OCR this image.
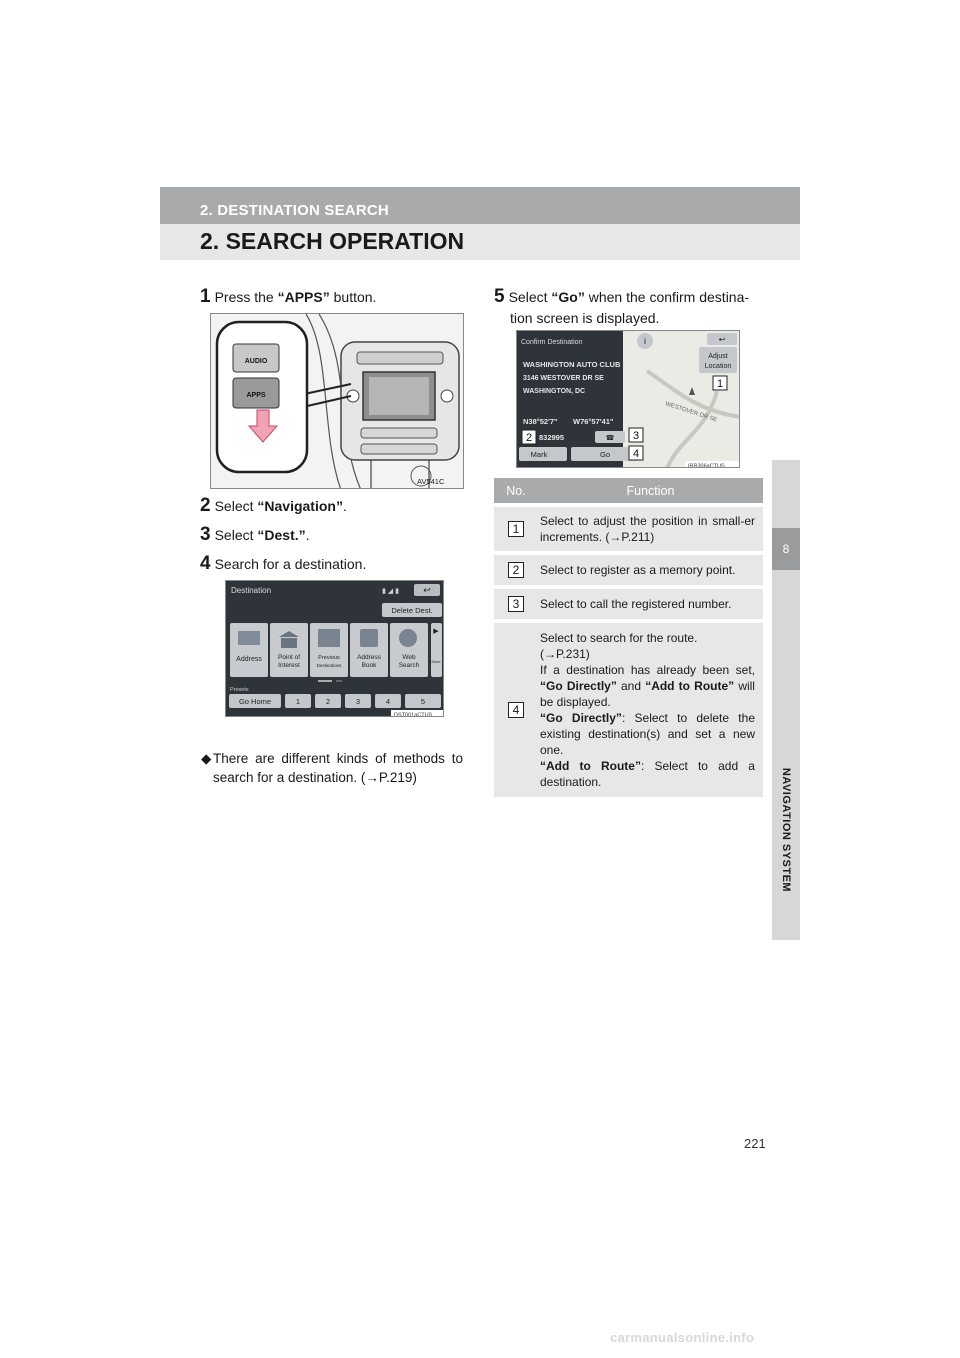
2. DESTINATION SEARCH
2. SEARCH OPERATION
8
NAVIGATION SYSTEM
1 Press the “APPS” button.
AUDIO
APPS
AV541C
2 Select “Navigation”.
3 Select “Dest.”.
4 Search for a destination.
Destination	▮ ◢ ▮	↩
Delete Dest.
▶
More
Address Point of
Interest
Previous
Destinations
Address
Book
Web
Search
Presets
Go Home	1	2	3	4	5
DST001aCTUS
◆ There are different kinds of methods to search for a destination. (→P.219)
5 Select “Go” when the confirm destina-
tion screen is displayed.
WESTOVER DR SE
Confirm Destination	i	↩
Adjust
Location
WASHINGTON AUTO CLUB
3146 WESTOVER DR SE
WASHINGTON, DC
N38°52'7" W76°57'41"
832995	☎
Mark	Go
1
2	3
4
IRR306aCTUS
No.	Function
1	Select to adjust the position in small-er increments. (→P.211)
2	Select to register as a memory point.
3	Select to call the registered number.
4	Select to search for the route.
(→P.231)
If a destination has already been set, “Go Directly” and “Add to Route” will be displayed.
“Go Directly”: Select to delete the existing destination(s) and set a new one.
“Add to Route”: Select to add a destination.
221
carmanualsonline.info
